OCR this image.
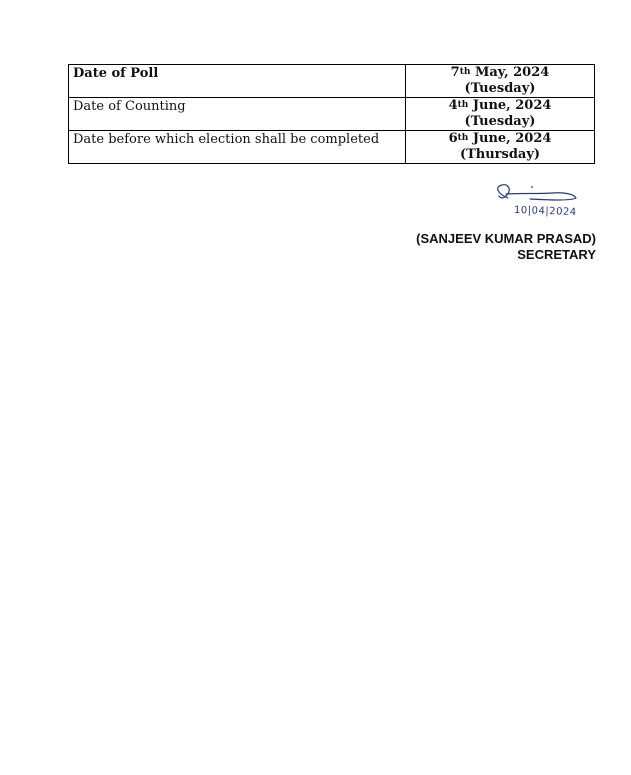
Date of Poll	7th May, 2024
(Tuesday)

Date of Counting	4th June, 2024
(Tuesday)

Date before which election shall be completed	6th June, 2024
(Thursday)
10|04|2024
(SANJEEV KUMAR PRASAD)
SECRETARY
